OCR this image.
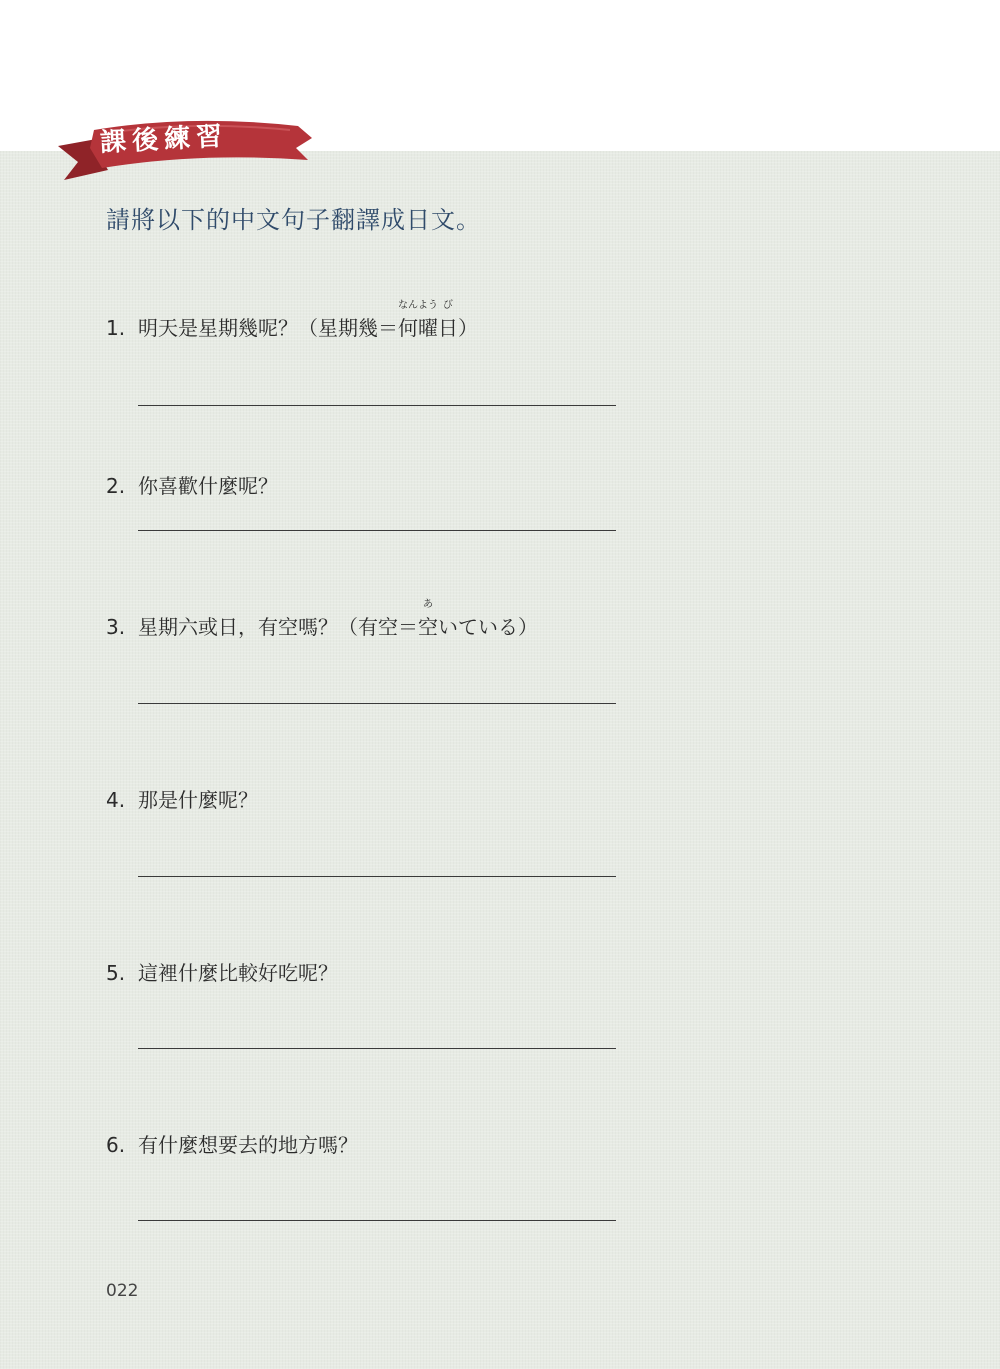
課後練習
請將以下的中文句子翻譯成日文。
1. 明天是星期幾呢？（星期幾＝
なんよう
何曜
び
日）
2. 你喜歡什麼呢？
3. 星期六或日，有空嗎？（有空＝
あ
空いている）
4. 那是什麼呢？
5. 這裡什麼比較好吃呢？
6. 有什麼想要去的地方嗎？
022
